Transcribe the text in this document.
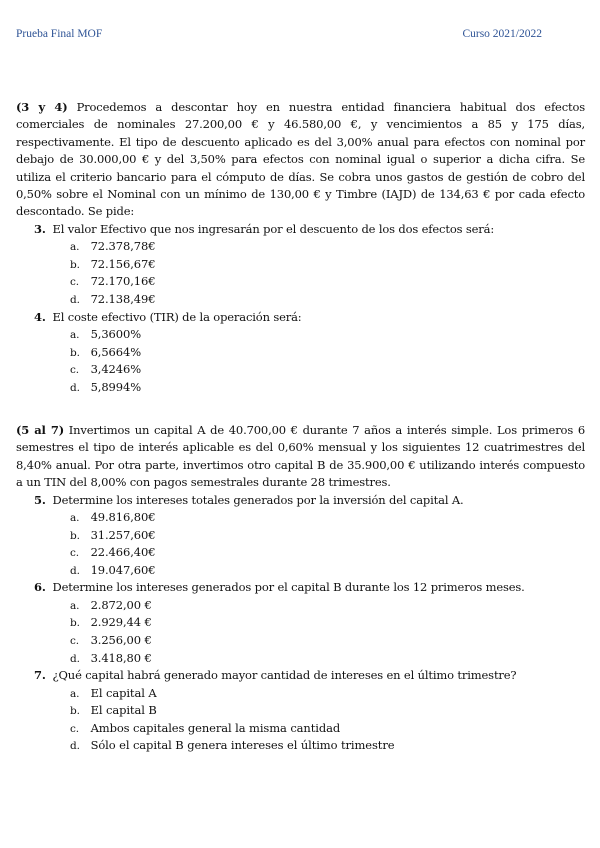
Prueba Final MOF	Curso 2021/2022

(3 y 4) Procedemos a descontar hoy en nuestra entidad financiera habitual dos efectos comerciales de nominales 27.200,00 € y 46.580,00 €, y vencimientos a 85 y 175 días, respectivamente. El tipo de descuento aplicado es del 3,00% anual para efectos con nominal por debajo de 30.000,00 € y del 3,50% para efectos con nominal igual o superior a dicha cifra. Se utiliza el criterio bancario para el cómputo de días. Se cobra unos gastos de gestión de cobro del 0,50% sobre el Nominal con un mínimo de 130,00 € y Timbre (IAJD) de 134,63 € por cada efecto descontado. Se pide:

3. El valor Efectivo que nos ingresarán por el descuento de los dos efectos será:
a. 72.378,78€
b. 72.156,67€
c. 72.170,16€
d. 72.138,49€
4. El coste efectivo (TIR) de la operación será:
a. 5,3600%
b. 6,5664%
c. 3,4246%
d. 5,8994%

(5 al 7) Invertimos un capital A de 40.700,00 € durante 7 años a interés simple. Los primeros 6 semestres el tipo de interés aplicable es del 0,60% mensual y los siguientes 12 cuatrimestres del 8,40% anual. Por otra parte, invertimos otro capital B de 35.900,00 € utilizando interés compuesto a un TIN del 8,00% con pagos semestrales durante 28 trimestres.

5. Determine los intereses totales generados por la inversión del capital A.
a. 49.816,80€
b. 31.257,60€
c. 22.466,40€
d. 19.047,60€
6. Determine los intereses generados por el capital B durante los 12 primeros meses.
a. 2.872,00 €
b. 2.929,44 €
c. 3.256,00 €
d. 3.418,80 €
7. ¿Qué capital habrá generado mayor cantidad de intereses en el último trimestre?
a. El capital A
b. El capital B
c. Ambos capitales general la misma cantidad
d. Sólo el capital B genera intereses el último trimestre
